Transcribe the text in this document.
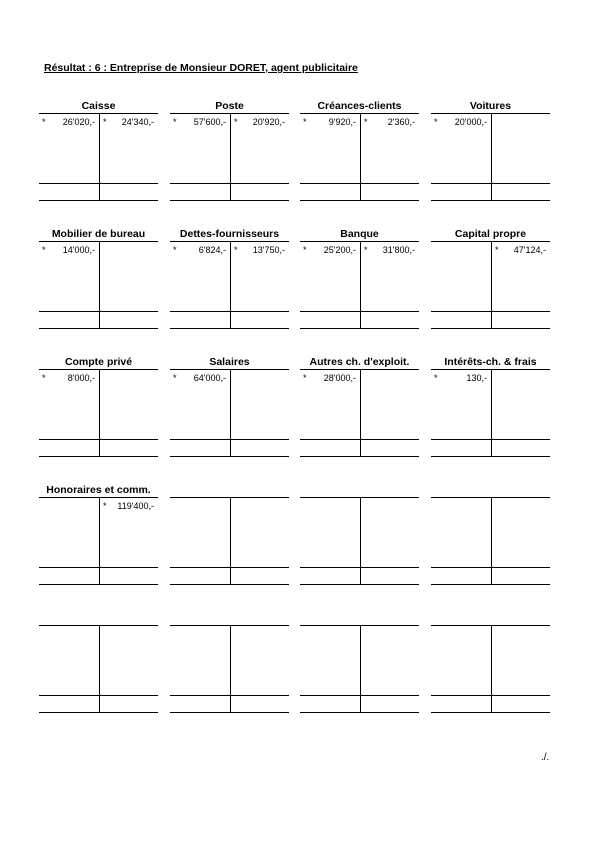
Résultat : 6 : Entreprise de Monsieur DORET, agent publicitaire
Caisse
* 26'020,- * 24'340,-
Poste
* 57'600,- * 20'920,-
Créances-clients
* 9'920,- * 2'360,-
Voitures
* 20'000,-
Mobilier de bureau
* 14'000,-
Dettes-fournisseurs
* 6'824,- * 13'750,-
Banque
* 25'200,- * 31'800,-
Capital propre
* 47'124,-
Compte privé
* 8'000,-
Salaires
* 64'000,-
Autres ch. d'exploit.
* 28'000,-
Intérêts-ch. & frais
*	130,-
Honoraires et comm.
* 119'400,-
./.
